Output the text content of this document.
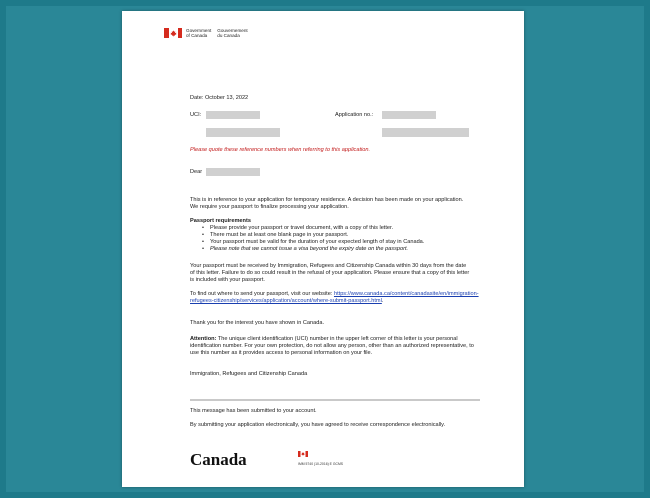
Government
of Canada
Gouvernement
du Canada
Date: October 13, 2022
UCI:	Application no.:
Please quote these reference numbers when referring to this application.
Dear
This is in reference to your application for temporary residence. A decision has been made on your application. We require your passport to finalize processing your application.
Passport requirements
• Please provide your passport or travel document, with a copy of this letter.
• There must be at least one blank page in your passport.
• Your passport must be valid for the duration of your expected length of stay in Canada.
• Please note that we cannot issue a visa beyond the expiry date on the passport.
Your passport must be received by Immigration, Refugees and Citizenship Canada within 30 days from the date of this letter. Failure to do so could result in the refusal of your application. Please ensure that a copy of this letter is included with your passport.
To find out where to send your passport, visit our website: https://www.canada.ca/content/canadasite/en/immigration-refugees-citizenship/services/application/account/where-submit-passport.html.
Thank you for the interest you have shown in Canada.
Attention: The unique client identification (UCI) number in the upper left corner of this letter is your personal identification number. For your own protection, do not allow any person, other than an authorized representative, to use this number as it provides access to personal information on your file.
Immigration, Refugees and Citizenship Canada
This message has been submitted to your account.
By submitting your application electronically, you have agreed to receive correspondence electronically.
Canada	IMM 5740 (10-2016) E GCMS
